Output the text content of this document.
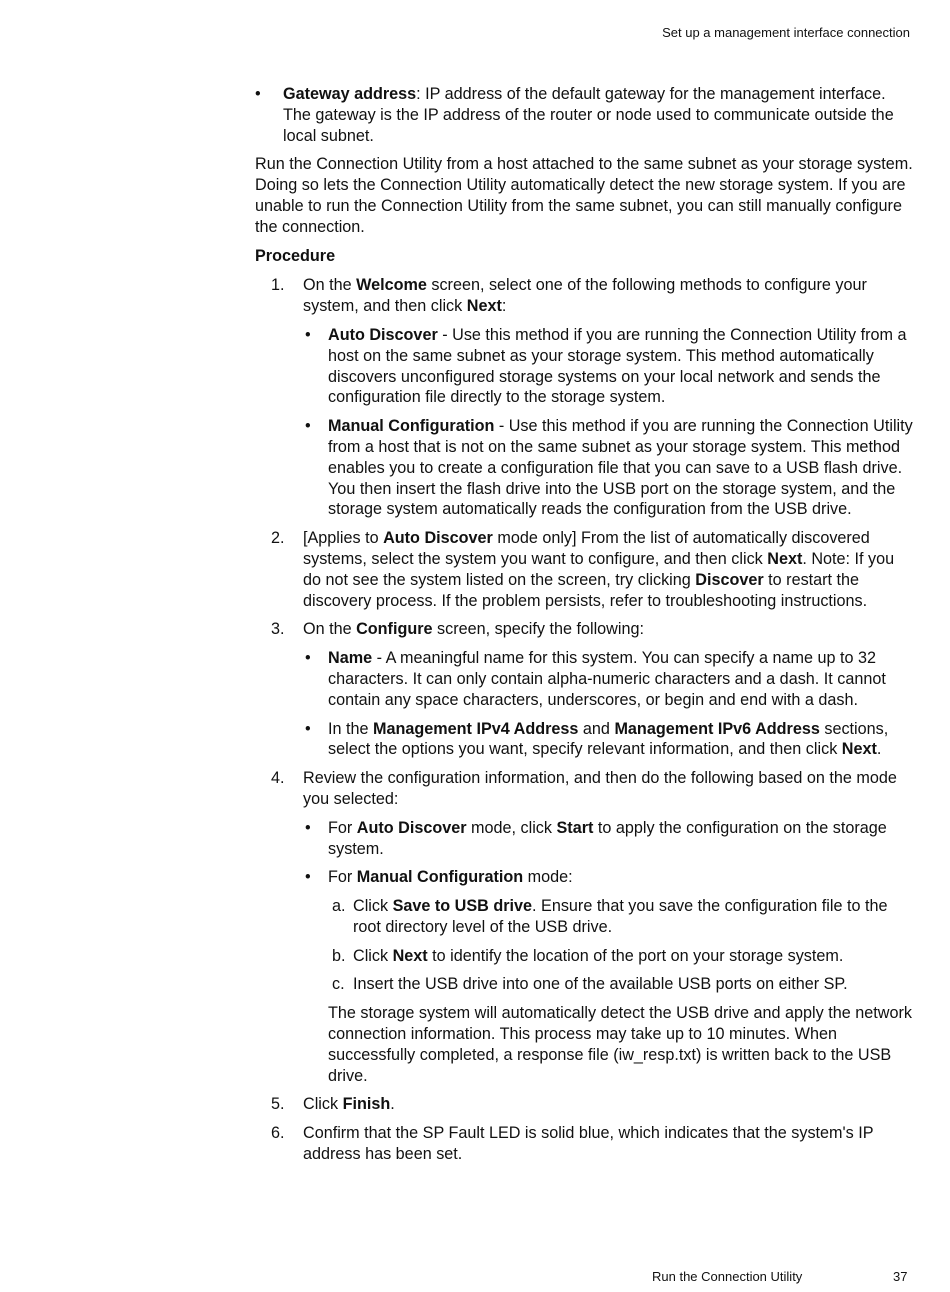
Set up a management interface connection
• Gateway address: IP address of the default gateway for the management interface. The gateway is the IP address of the router or node used to communicate outside the local subnet.

Run the Connection Utility from a host attached to the same subnet as your storage system. Doing so lets the Connection Utility automatically detect the new storage system. If you are unable to run the Connection Utility from the same subnet, you can still manually configure the connection.

Procedure

1. On the Welcome screen, select one of the following methods to configure your system, and then click Next:

• Auto Discover - Use this method if you are running the Connection Utility from a host on the same subnet as your storage system. This method automatically discovers unconfigured storage systems on your local network and sends the configuration file directly to the storage system.

• Manual Configuration - Use this method if you are running the Connection Utility from a host that is not on the same subnet as your storage system. This method enables you to create a configuration file that you can save to a USB flash drive. You then insert the flash drive into the USB port on the storage system, and the storage system automatically reads the configuration from the USB drive.

2. [Applies to Auto Discover mode only] From the list of automatically discovered systems, select the system you want to configure, and then click Next. Note: If you do not see the system listed on the screen, try clicking Discover to restart the discovery process. If the problem persists, refer to troubleshooting instructions.

3. On the Configure screen, specify the following:

• Name - A meaningful name for this system. You can specify a name up to 32 characters. It can only contain alpha-numeric characters and a dash. It cannot contain any space characters, underscores, or begin and end with a dash.

• In the Management IPv4 Address and Management IPv6 Address sections, select the options you want, specify relevant information, and then click Next.

4. Review the configuration information, and then do the following based on the mode you selected:

• For Auto Discover mode, click Start to apply the configuration on the storage system.

• For Manual Configuration mode:

a. Click Save to USB drive. Ensure that you save the configuration file to the root directory level of the USB drive.

b. Click Next to identify the location of the port on your storage system.

c. Insert the USB drive into one of the available USB ports on either SP.

The storage system will automatically detect the USB drive and apply the network connection information. This process may take up to 10 minutes. When successfully completed, a response file (iw_resp.txt) is written back to the USB drive.

5. Click Finish.

6. Confirm that the SP Fault LED is solid blue, which indicates that the system's IP address has been set.

Run the Connection Utility	37
